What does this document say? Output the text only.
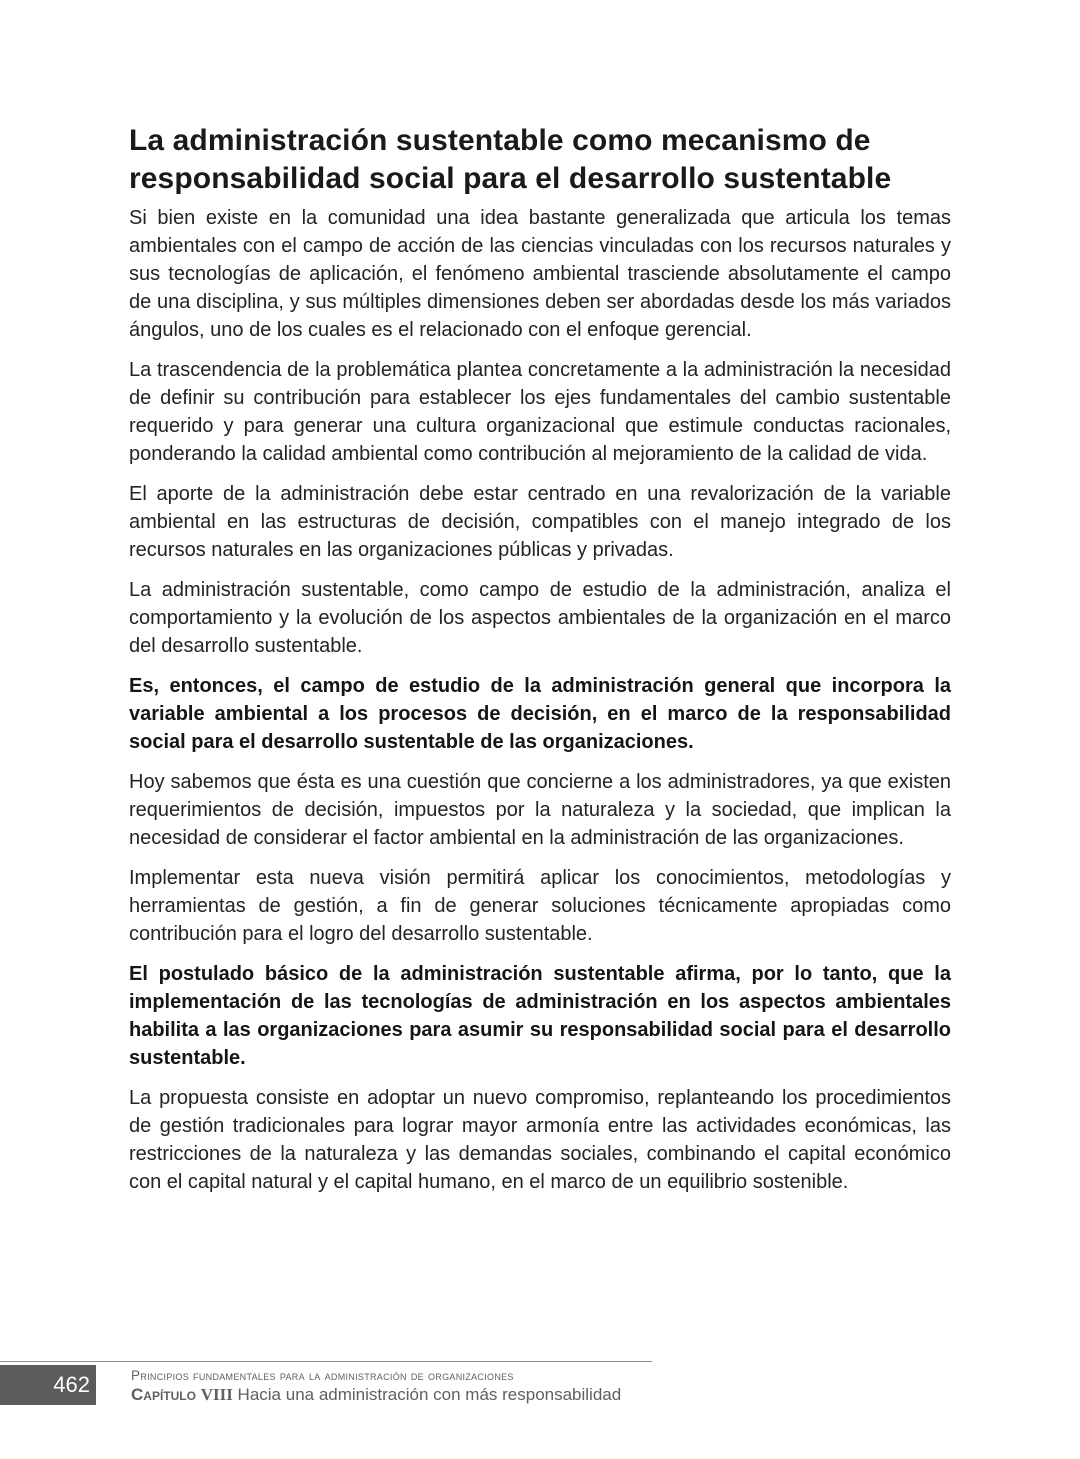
La administración sustentable como mecanismo de responsabilidad social para el desarrollo sustentable

Si bien existe en la comunidad una idea bastante generalizada que articula los temas ambientales con el campo de acción de las ciencias vinculadas con los recursos naturales y sus tecnologías de aplicación, el fenómeno ambiental trasciende absolutamente el campo de una disciplina, y sus múltiples dimensiones deben ser abordadas desde los más variados ángulos, uno de los cuales es el relacionado con el enfoque gerencial.

La trascendencia de la problemática plantea concretamente a la administración la necesidad de definir su contribución para establecer los ejes fundamentales del cambio sustentable requerido y para generar una cultura organizacional que estimule conductas racionales, ponderando la calidad ambiental como contribución al mejoramiento de la calidad de vida.

El aporte de la administración debe estar centrado en una revalorización de la variable ambiental en las estructuras de decisión, compatibles con el manejo integrado de los recursos naturales en las organizaciones públicas y privadas.

La administración sustentable, como campo de estudio de la administración, analiza el comportamiento y la evolución de los aspectos ambientales de la organización en el marco del desarrollo sustentable.

Es, entonces, el campo de estudio de la administración general que incorpora la variable ambiental a los procesos de decisión, en el marco de la responsabilidad social para el desarrollo sustentable de las organizaciones.

Hoy sabemos que ésta es una cuestión que concierne a los administradores, ya que existen requerimientos de decisión, impuestos por la naturaleza y la sociedad, que implican la necesidad de considerar el factor ambiental en la administración de las organizaciones.

Implementar esta nueva visión permitirá aplicar los conocimientos, metodologías y herramientas de gestión, a fin de generar soluciones técnicamente apropiadas como contribución para el logro del desarrollo sustentable.

El postulado básico de la administración sustentable afirma, por lo tanto, que la implementación de las tecnologías de administración en los aspectos ambientales habilita a las organizaciones para asumir su responsabilidad social para el desarrollo sustentable.

La propuesta consiste en adoptar un nuevo compromiso, replanteando los procedimientos de gestión tradicionales para lograr mayor armonía entre las actividades económicas, las restricciones de la naturaleza y las demandas sociales, combinando el capital económico con el capital natural y el capital humano, en el marco de un equilibrio sostenible.

462	Principios fundamentales para la administración de organizaciones
Capítulo VIII Hacia una administración con más responsabilidad
